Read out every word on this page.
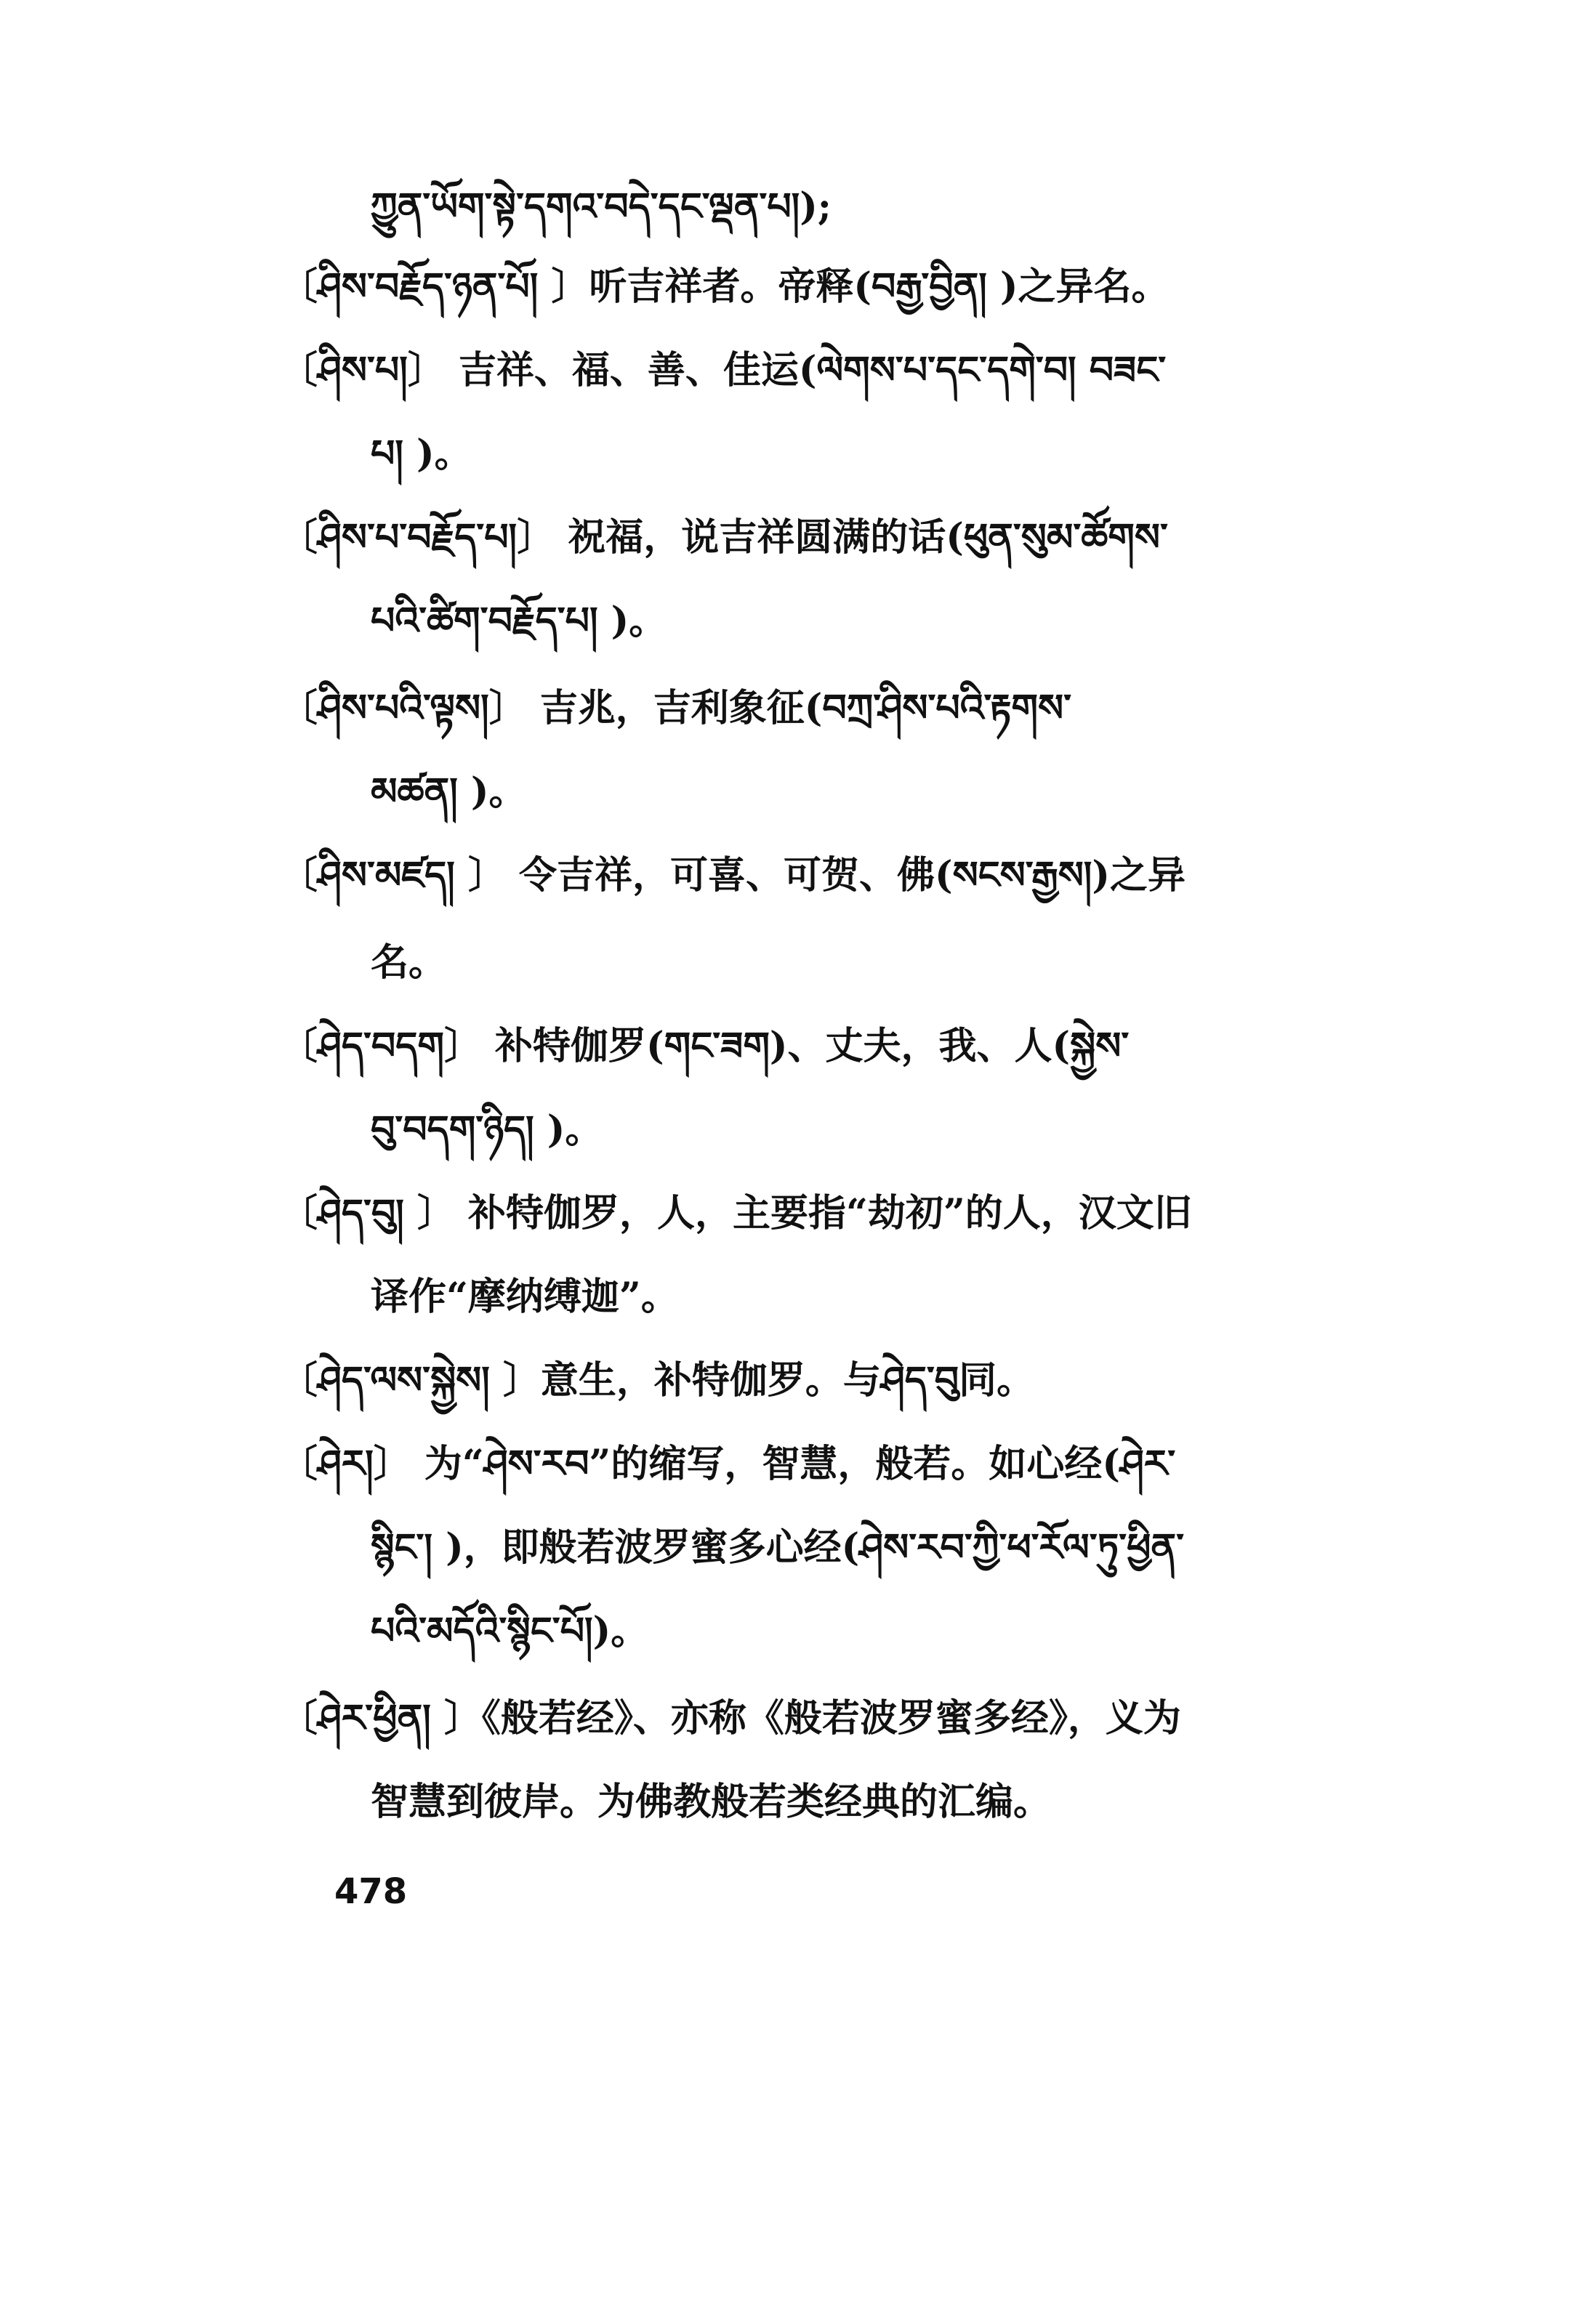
ཀྱུན་ཡོག་སྟེ་དགའ་བདེ་དང་ལྡན་པ།);
〔ཤིས་བརྗོད་ཉན་པོ། 〕听吉祥者。帝释(བརྒྱ་བྱིན། )之异名。
〔ཤིས་པ།〕 吉祥、福、善、佳运(ལེགས་པ་དང་དགེ་བ། བཟང་
པ། )。
〔ཤིས་པ་བརྗོད་པ།〕 祝福，说吉祥圆满的话(ཕུན་སུམ་ཚོགས་
པའི་ཚིག་བརྗོད་པ། )。
〔ཤིས་པའི་ལྟས།〕 吉兆，吉利象征(བཀྲ་ཤིས་པའི་རྟགས་
མཚན། )。
〔ཤིས་མཛད། 〕 令吉祥，可喜、可贺、佛(སངས་རྒྱས།)之异
名。
〔ཤེད་བདག〕 补特伽罗(གང་ཟག)、丈夫，我、人(སྐྱེས་
བུ་བདག་ཉིད། )。
〔ཤེད་བུ། 〕 补特伽罗，人，主要指“劫初”的人，汉文旧
译作“摩纳缚迦”。
〔ཤེད་ལས་སྐྱེས། 〕意生，补特伽罗。与ཤེད་བུ同。
〔ཤེར།〕 为“ཤེས་རབ”的缩写，智慧，般若。如心经(ཤེར་
སྙིང་། )，即般若波罗蜜多心经(ཤེས་རབ་ཀྱི་ཕ་རོལ་ཏུ་ཕྱིན་
པའི་མདོའི་སྙིང་པོ།)。
〔ཤེར་ཕྱིན། 〕《般若经》、亦称《般若波罗蜜多经》，义为
智慧到彼岸。为佛教般若类经典的汇编。
478
